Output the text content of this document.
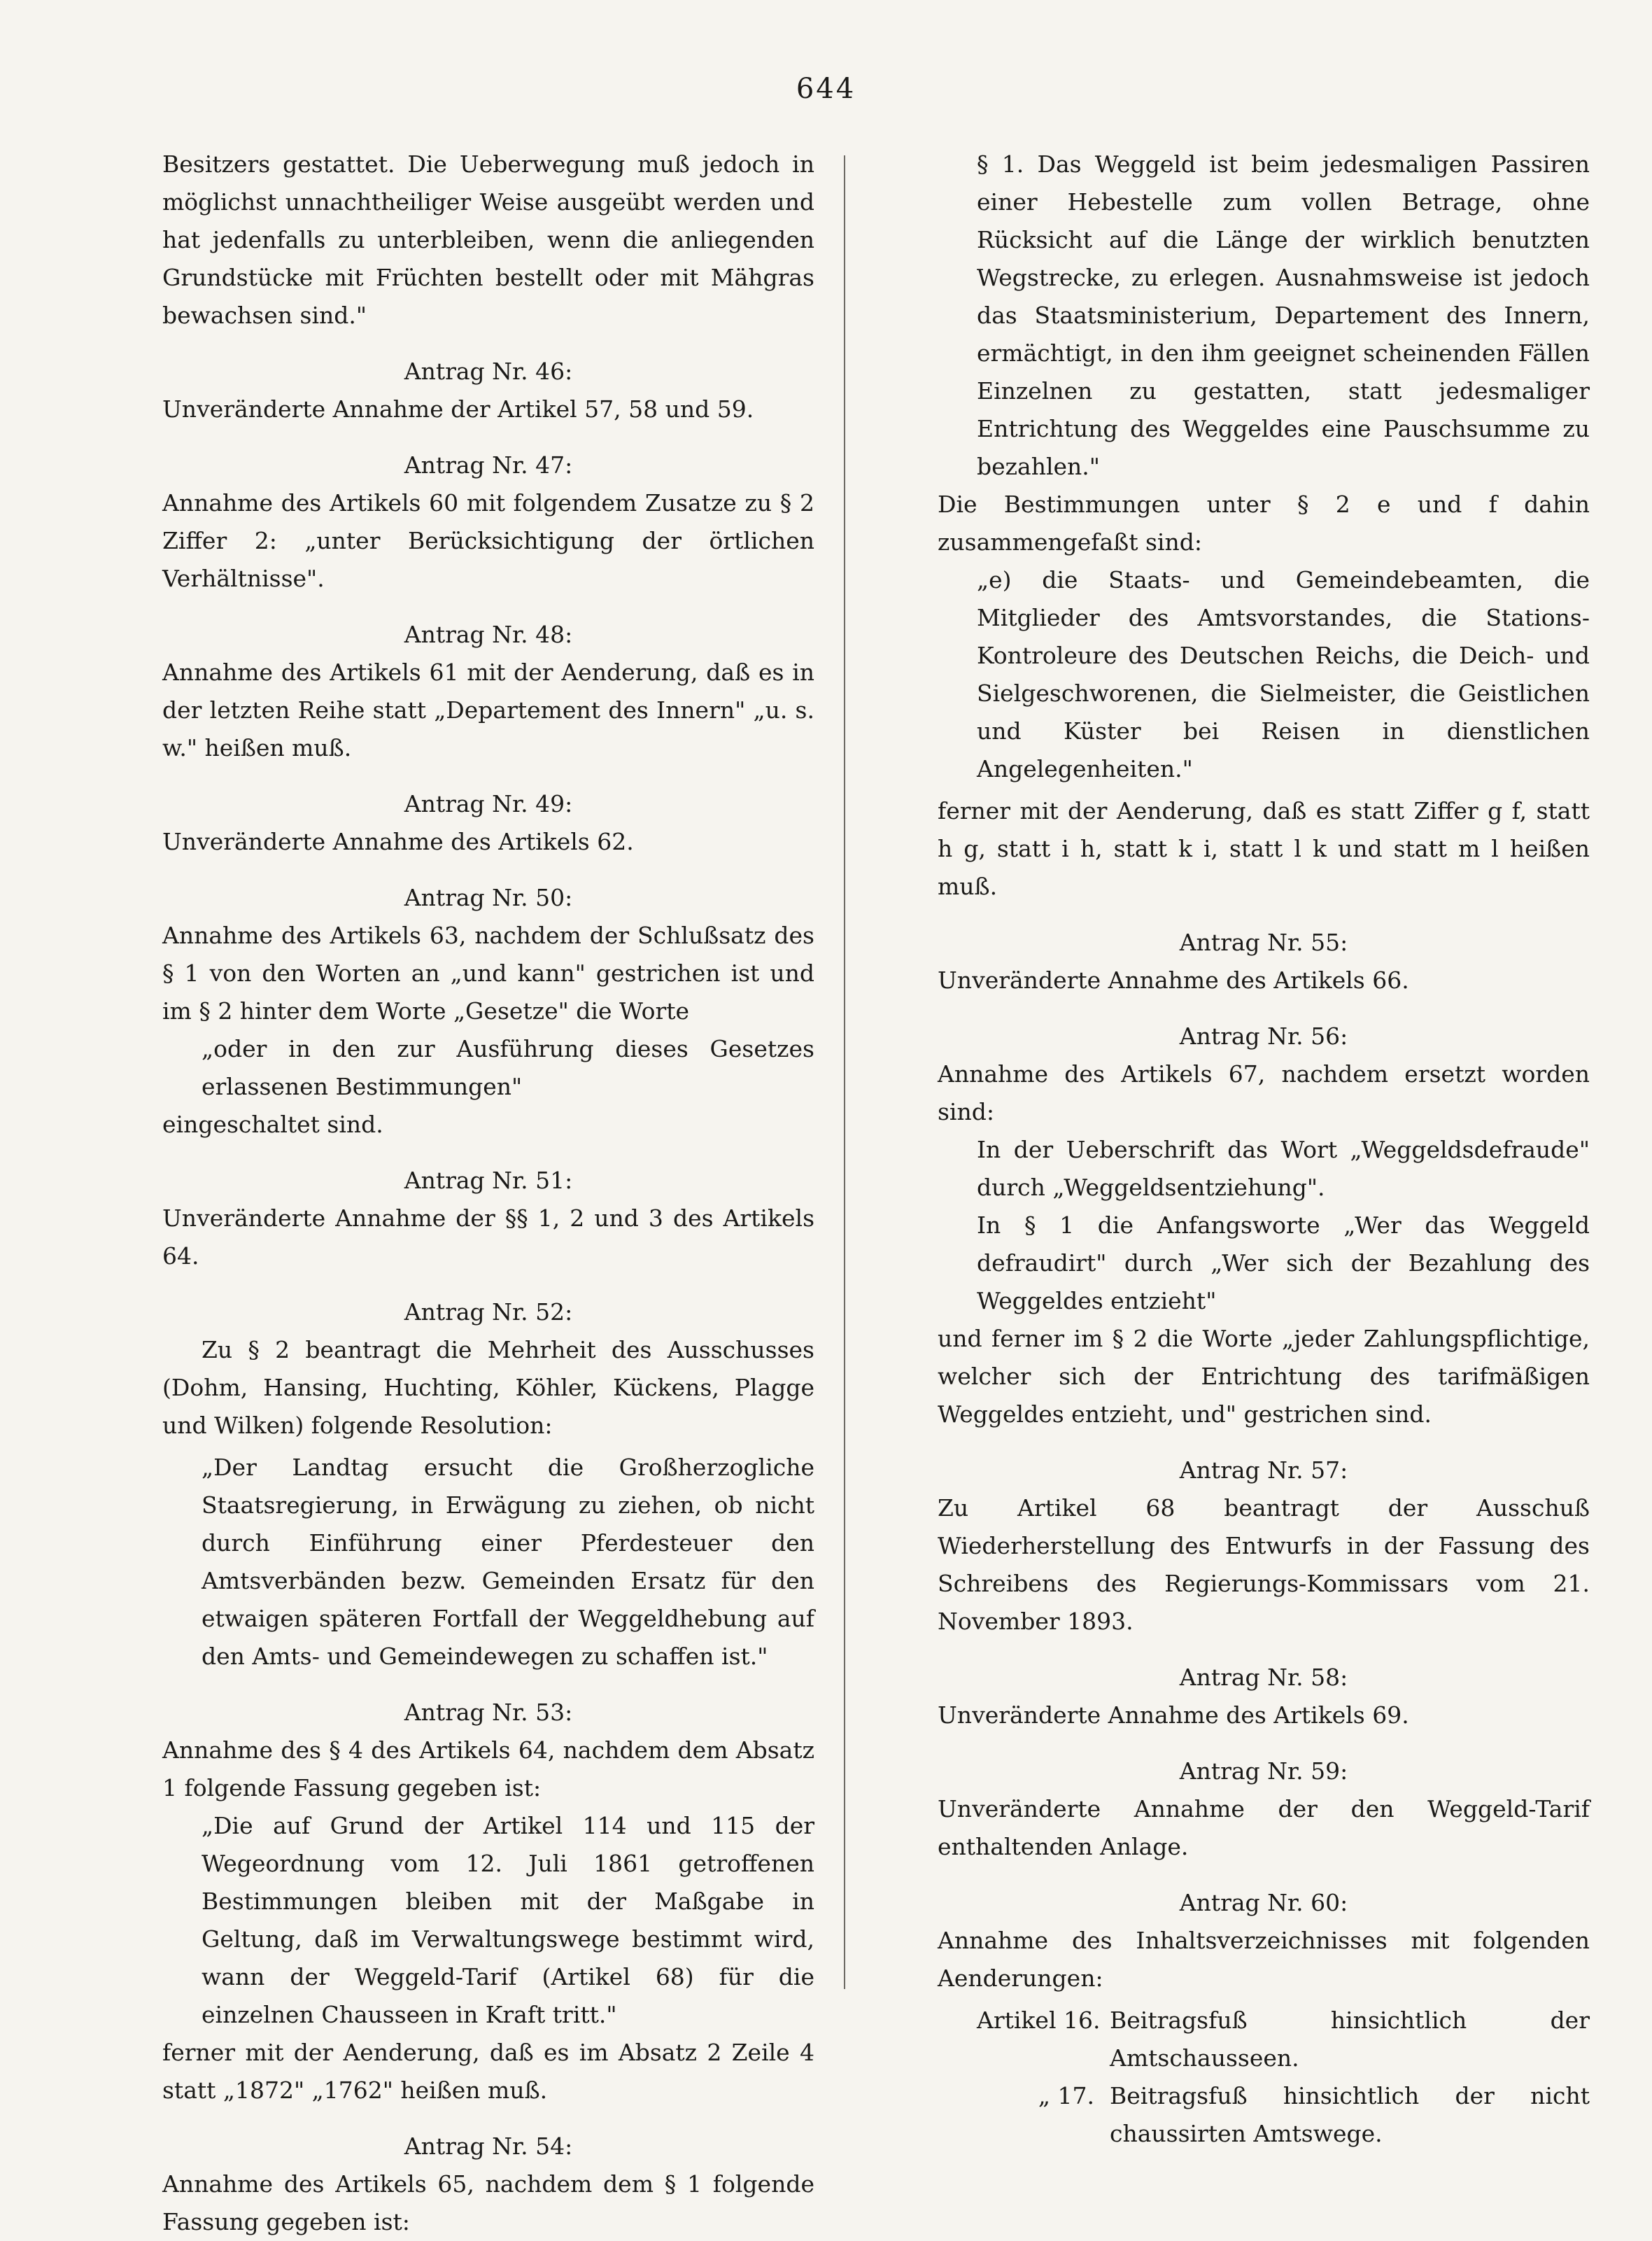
644

Besitzers gestattet. Die Ueberwegung muß jedoch in möglichst unnachtheiliger Weise ausgeübt werden und hat jedenfalls zu unterbleiben, wenn die anliegenden Grundstücke mit Früchten bestellt oder mit Mähgras bewachsen sind."

Antrag Nr. 46:

Unveränderte Annahme der Artikel 57, 58 und 59.

Antrag Nr. 47:

Annahme des Artikels 60 mit folgendem Zusatze zu § 2 Ziffer 2: „unter Berücksichtigung der örtlichen Verhältnisse".

Antrag Nr. 48:

Annahme des Artikels 61 mit der Aenderung, daß es in der letzten Reihe statt „Departement des Innern" „u. s. w." heißen muß.

Antrag Nr. 49:

Unveränderte Annahme des Artikels 62.

Antrag Nr. 50:

Annahme des Artikels 63, nachdem der Schlußsatz des § 1 von den Worten an „und kann" gestrichen ist und im § 2 hinter dem Worte „Gesetze" die Worte

„oder in den zur Ausführung dieses Gesetzes erlassenen Bestimmungen"

eingeschaltet sind.

Antrag Nr. 51:

Unveränderte Annahme der §§ 1, 2 und 3 des Artikels 64.

Antrag Nr. 52:

Zu § 2 beantragt die Mehrheit des Ausschusses (Dohm, Hansing, Huchting, Köhler, Kückens, Plagge und Wilken) folgende Resolution:

„Der Landtag ersucht die Großherzogliche Staatsregierung, in Erwägung zu ziehen, ob nicht durch Einführung einer Pferdesteuer den Amtsverbänden bezw. Gemeinden Ersatz für den etwaigen späteren Fortfall der Weggeldhebung auf den Amts- und Gemeindewegen zu schaffen ist."

Antrag Nr. 53:

Annahme des § 4 des Artikels 64, nachdem dem Absatz 1 folgende Fassung gegeben ist:

„Die auf Grund der Artikel 114 und 115 der Wegeordnung vom 12. Juli 1861 getroffenen Bestimmungen bleiben mit der Maßgabe in Geltung, daß im Verwaltungswege bestimmt wird, wann der Weggeld-Tarif (Artikel 68) für die einzelnen Chausseen in Kraft tritt."

ferner mit der Aenderung, daß es im Absatz 2 Zeile 4 statt „1872" „1762" heißen muß.

Antrag Nr. 54:

Annahme des Artikels 65, nachdem dem § 1 folgende Fassung gegeben ist:

§ 1. Das Weggeld ist beim jedesmaligen Passiren einer Hebestelle zum vollen Betrage, ohne Rücksicht auf die Länge der wirklich benutzten Wegstrecke, zu erlegen. Ausnahmsweise ist jedoch das Staatsministerium, Departement des Innern, ermächtigt, in den ihm geeignet scheinenden Fällen Einzelnen zu gestatten, statt jedesmaliger Entrichtung des Weggeldes eine Pauschsumme zu bezahlen."

Die Bestimmungen unter § 2 e und f dahin zusammengefaßt sind:

„e) die Staats- und Gemeindebeamten, die Mitglieder des Amtsvorstandes, die Stations-Kontroleure des Deutschen Reichs, die Deich- und Sielgeschworenen, die Sielmeister, die Geistlichen und Küster bei Reisen in dienstlichen Angelegenheiten."

ferner mit der Aenderung, daß es statt Ziffer g f, statt h g, statt i h, statt k i, statt l k und statt m l heißen muß.

Antrag Nr. 55:

Unveränderte Annahme des Artikels 66.

Antrag Nr. 56:

Annahme des Artikels 67, nachdem ersetzt worden sind:

In der Ueberschrift das Wort „Weggeldsdefraude" durch „Weggeldsentziehung".

In § 1 die Anfangsworte „Wer das Weggeld defraudirt" durch „Wer sich der Bezahlung des Weggeldes entzieht"

und ferner im § 2 die Worte „jeder Zahlungspflichtige, welcher sich der Entrichtung des tarifmäßigen Weggeldes entzieht, und" gestrichen sind.

Antrag Nr. 57:

Zu Artikel 68 beantragt der Ausschuß Wiederherstellung des Entwurfs in der Fassung des Schreibens des Regierungs-Kommissars vom 21. November 1893.

Antrag Nr. 58:

Unveränderte Annahme des Artikels 69.

Antrag Nr. 59:

Unveränderte Annahme der den Weggeld-Tarif enthaltenden Anlage.

Antrag Nr. 60:

Annahme des Inhaltsverzeichnisses mit folgenden Aenderungen:

Artikel 16. Beitragsfuß hinsichtlich der Amtschausseen.

„ 17. Beitragsfuß hinsichtlich der nicht chaussirten Amtswege.
